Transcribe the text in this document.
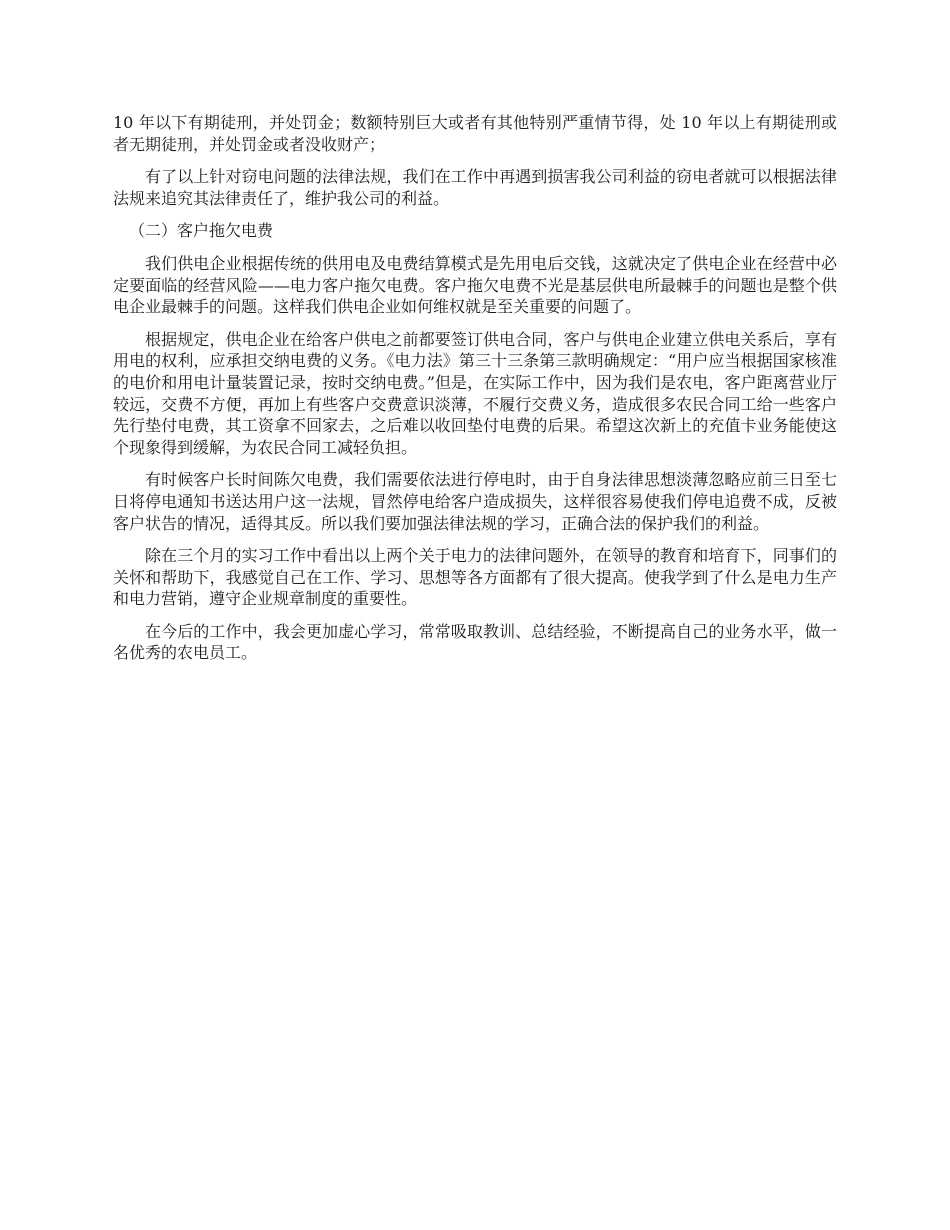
10 年以下有期徒刑，并处罚金；数额特别巨大或者有其他特别严重情节得，处 10 年以上有期徒刑或者无期徒刑，并处罚金或者没收财产；

有了以上针对窃电问题的法律法规，我们在工作中再遇到损害我公司利益的窃电者就可以根据法律法规来追究其法律责任了，维护我公司的利益。

（二）客户拖欠电费

我们供电企业根据传统的供用电及电费结算模式是先用电后交钱，这就决定了供电企业在经营中必定要面临的经营风险——电力客户拖欠电费。客户拖欠电费不光是基层供电所最棘手的问题也是整个供电企业最棘手的问题。这样我们供电企业如何维权就是至关重要的问题了。

根据规定，供电企业在给客户供电之前都要签订供电合同，客户与供电企业建立供电关系后，享有用电的权利，应承担交纳电费的义务。《电力法》第三十三条第三款明确规定：“用户应当根据国家核准的电价和用电计量装置记录，按时交纳电费。”但是，在实际工作中，因为我们是农电，客户距离营业厅较远，交费不方便，再加上有些客户交费意识淡薄，不履行交费义务，造成很多农民合同工给一些客户先行垫付电费，其工资拿不回家去，之后难以收回垫付电费的后果。希望这次新上的充值卡业务能使这个现象得到缓解，为农民合同工减轻负担。

有时候客户长时间陈欠电费，我们需要依法进行停电时，由于自身法律思想淡薄忽略应前三日至七日将停电通知书送达用户这一法规，冒然停电给客户造成损失，这样很容易使我们停电追费不成，反被客户状告的情况，适得其反。所以我们要加强法律法规的学习，正确合法的保护我们的利益。

除在三个月的实习工作中看出以上两个关于电力的法律问题外，在领导的教育和培育下，同事们的关怀和帮助下，我感觉自己在工作、学习、思想等各方面都有了很大提高。使我学到了什么是电力生产和电力营销，遵守企业规章制度的重要性。

在今后的工作中，我会更加虚心学习，常常吸取教训、总结经验，不断提高自己的业务水平，做一名优秀的农电员工。
